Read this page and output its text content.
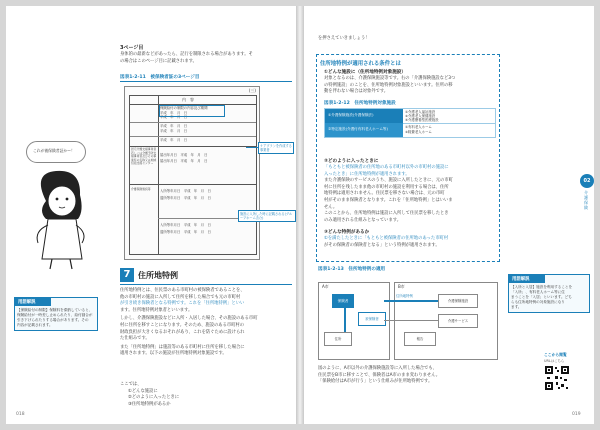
3ページ目
身体的の最新などがあったら、記行を制限される場合があります。そ
の場合はこのページ目に記載されます。
図表1-2-11　被保険者証の3ページ目
(三)
内　容
保険給付の制限の内容及び期間
平成　年　月　日
平成　年　月　日
平成　年　月　日
平成　年　月　日
平成　年　月　日
居宅介護支援事業者若しくは介護予防支援事業者及びその事業所の名称又は地域包括支援センター
届出年月日　平成　年　月　日
届出年月日　平成　年　月　日
介護保険施設等	入所等年月日　平成　年　月　日
退所等年月日　平成　年　月　日
入所等年月日　平成　年　月　日
退所等年月日　平成　年　月　日
ケアプランを作成する事業者
施設に入所した時に記載される(グループホーム含む)
これが被保険者証か～！
用語解説
【保険給付の制限】保険料を滞納していると、
保険給付が一時差し止められたり、給付割合が
引き下げられたりする場合があります。その
内容が記載されます。
7 住所地特例
住所地特例とは、住民票のある市町村の被保険者であることを、
他の市町村の施設に入所して住所を移した場合でも元の市町村
が引き続き保険者となる特例です。これを「住所地特例」といい
ます。住所地特例対象者といいます。
しかし、介護保険施設などに入所・入居した場合、その施設のある市町
村に住所を移すことになります。そのため、施設のある市町村の
財政負担が大きくなるおそれがあり、これを防ぐために設けられ
た仕組みです。
また「住所地特例」は施設等のある市町村に住所を移した場合に
適用されます。以下の施設が住所地特例対象施設です。
ここでは、
①どんな施設に
②どのように入ったときに
③住所地特例があるか
018
を押さえていきましょう！
住所地特例が適用される条件とは
①どんな施設に（住所地特例対象施設）
対象となるのは、介護保険施設等です。右の「介護保険施設など3つ
の特例施設」のことを、住所地特例対象施設といいます。住所の移
動を伴わない場合は対象外です。
図表1-2-12　住所地特例対象施設
①介護保険施設(介護保険法)
②特定施設(介護付有料老人ホーム等)
①介護老人福祉施設
②介護老人保健施設
③介護療養型医療施設
①有料老人ホーム
②軽費老人ホーム
②どのように入ったときに
「もともと被保険者の住所地のある市町村以外の市町村の施設に
入ったとき」に住所地特例が適用されます。
また介護保険のサービスのうち、施設に入所したときに、元の市町
村に住所を残したまま他の市町村の施設を利用する場合は、住所
地特例は適用されません。住民票を移さない場合は、元の市町
村がそのまま保険者となります。これを「住所地特例」とはいいま
せん。
このことから、住所地特例は施設に入所して住民票を移したとき
のみ適用される仕組みとなっています。
③どんな特例があるか
①を満たしたときに「もともと被保険者の住所地のあった市町村
がその保険者の保険者となる」という特例が適用されます。
図表1-2-13　住所地特例の適用
A市	B市
保険者
被保険者
住所
介護保険施設
介護サービス
報告
住所地特例
図のように、A市以外の介護保険施設等に入所した場合でも、
住民票をB市に移すことで、保険者はA市のまま変わりません。
「保険給付はA市が行う」という仕組みが住所地特例です。
02
介護保険
用語解説
【入所と入居】施設を利用することを
「入所」、有料老人ホーム等に住
まうことを「入居」といいます。どち
らも住所地特例の対象施設になり
ます。
ここから閲覧
URLはこちら
019
